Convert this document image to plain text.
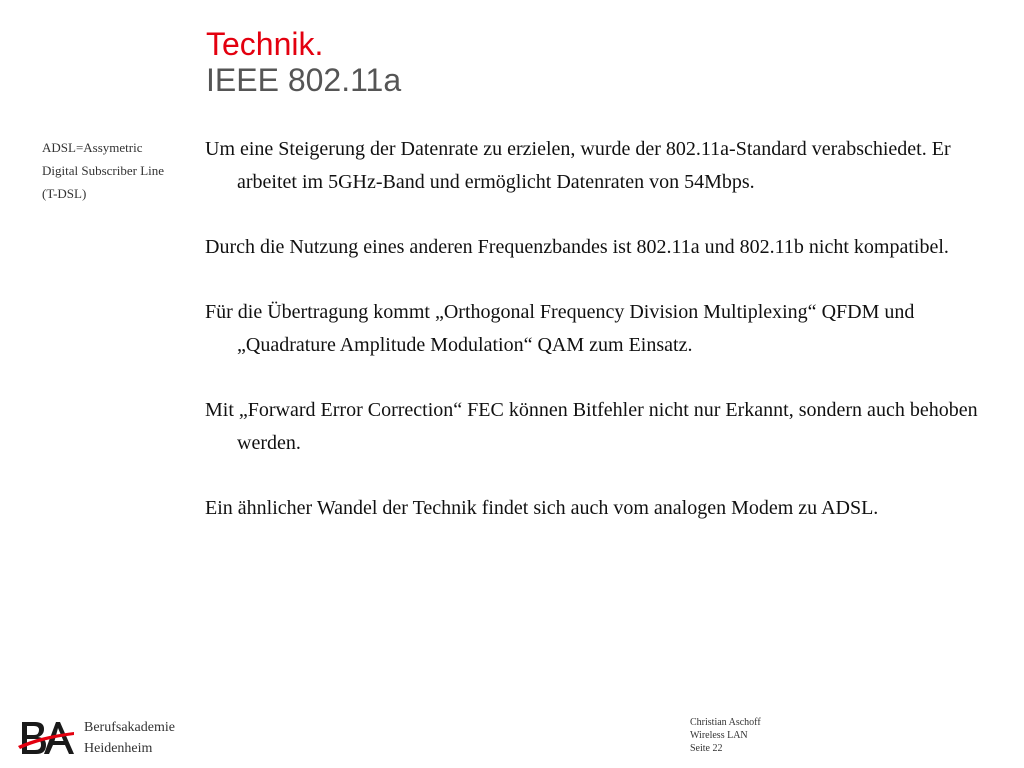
Technik.
IEEE 802.11a
ADSL=Assymetric
Digital Subscriber Line
(T-DSL)

Um eine Steigerung der Datenrate zu erzielen, wurde der 802.11a-Standard verabschiedet. Er arbeitet im 5GHz-Band und ermöglicht Datenraten von 54Mbps.

Durch die Nutzung eines anderen Frequenzbandes ist 802.11a und 802.11b nicht kompatibel.

Für die Übertragung kommt „Orthogonal Frequency Division Multiplexing“ QFDM und „Quadrature Amplitude Modulation“ QAM zum Einsatz.

Mit „Forward Error Correction“ FEC können Bitfehler nicht nur Erkannt, sondern auch behoben werden.

Ein ähnlicher Wandel der Technik findet sich auch vom analogen Modem zu ADSL.

Berufsakademie
Heidenheim
Christian Aschoff
Wireless LAN
Seite 22
